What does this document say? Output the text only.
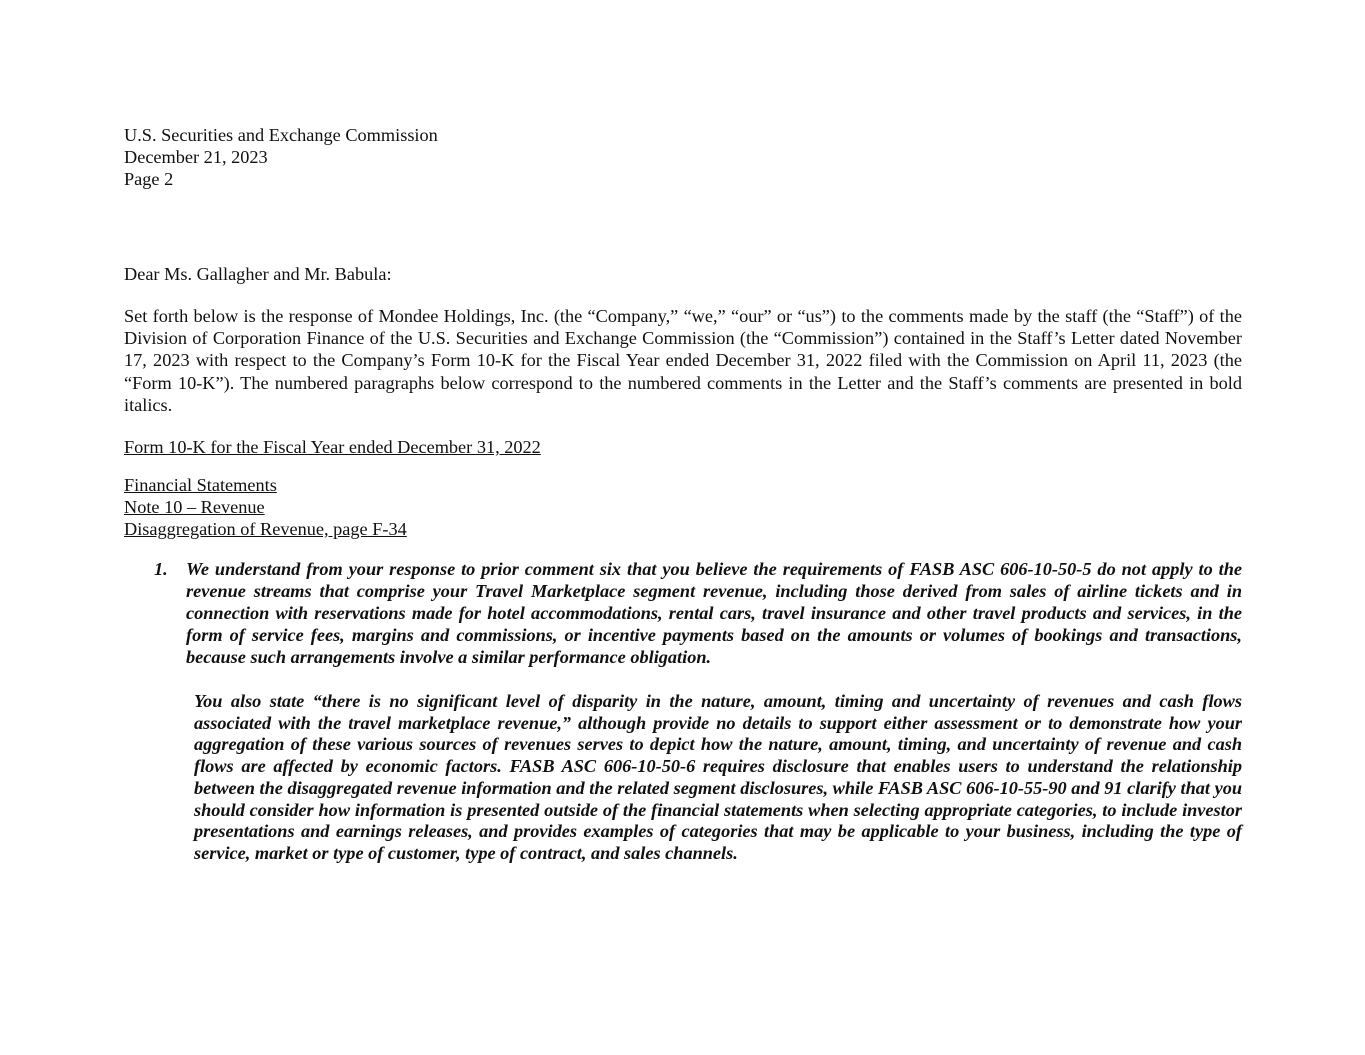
U.S. Securities and Exchange Commission

December 21, 2023

Page 2

Dear Ms. Gallagher and Mr. Babula:
Set forth below is the response of Mondee Holdings, Inc. (the “Company,” “we,” “our” or “us”) to the comments made by the staff (the “Staff”) of the Division of Corporation Finance of the U.S. Securities and Exchange Commission (the “Commission”) contained in the Staff’s Letter dated November 17, 2023 with respect to the Company’s Form 10-K for the Fiscal Year ended December 31, 2022 filed with the Commission on April 11, 2023 (the “Form 10-K”). The numbered paragraphs below correspond to the numbered comments in the Letter and the Staff’s comments are presented in bold italics.
Form 10-K for the Fiscal Year ended December 31, 2022
Financial Statements
Note 10 – Revenue
Disaggregation of Revenue, page F-34
1. We understand from your response to prior comment six that you believe the requirements of FASB ASC 606-10-50-5 do not apply to the revenue streams that comprise your Travel Marketplace segment revenue, including those derived from sales of airline tickets and in connection with reservations made for hotel accommodations, rental cars, travel insurance and other travel products and services, in the form of service fees, margins and commissions, or incentive payments based on the amounts or volumes of bookings and transactions, because such arrangements involve a similar performance obligation.
You also state “there is no significant level of disparity in the nature, amount, timing and uncertainty of revenues and cash flows associated with the travel marketplace revenue,” although provide no details to support either assessment or to demonstrate how your aggregation of these various sources of revenues serves to depict how the nature, amount, timing, and uncertainty of revenue and cash flows are affected by economic factors. FASB ASC 606-10-50-6 requires disclosure that enables users to understand the relationship between the disaggregated revenue information and the related segment disclosures, while FASB ASC 606-10-55-90 and 91 clarify that you should consider how information is presented outside of the financial statements when selecting appropriate categories, to include investor presentations and earnings releases, and provides examples of categories that may be applicable to your business, including the type of service, market or type of customer, type of contract, and sales channels.
